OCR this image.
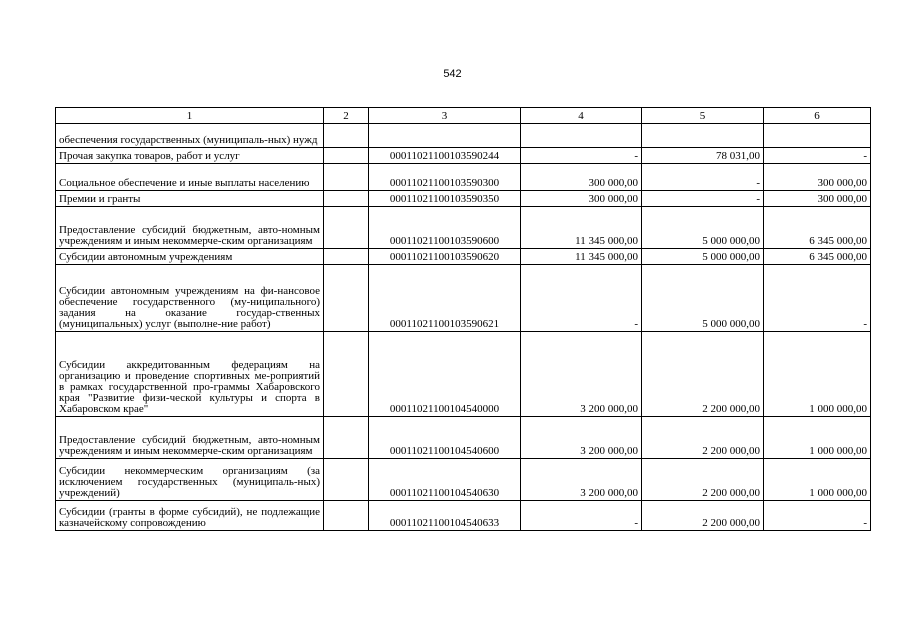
542
1	2	3	4	5	6
обеспечения государственных (муниципаль-ных) нужд					
Прочая закупка товаров, работ и услуг		00011021100103590244	-	78 031,00	-
Социальное обеспечение и иные выплаты населению		00011021100103590300	300 000,00	-	300 000,00
Премии и гранты		00011021100103590350	300 000,00	-	300 000,00
Предоставление субсидий бюджетным, авто-номным учреждениям и иным некоммерче-ским организациям		00011021100103590600	11 345 000,00	5 000 000,00	6 345 000,00
Субсидии автономным учреждениям		00011021100103590620	11 345 000,00	5 000 000,00	6 345 000,00
Субсидии автономным учреждениям на фи-нансовое обеспечение государственного (му-ниципального) задания на оказание государ-ственных (муниципальных) услуг (выполне-ние работ)		00011021100103590621	-	5 000 000,00	-
Субсидии аккредитованным федерациям на организацию и проведение спортивных ме-роприятий в рамках государственной про-граммы Хабаровского края "Развитие физи-ческой культуры и спорта в Хабаровском крае"		00011021100104540000	3 200 000,00	2 200 000,00	1 000 000,00
Предоставление субсидий бюджетным, авто-номным учреждениям и иным некоммерче-ским организациям		00011021100104540600	3 200 000,00	2 200 000,00	1 000 000,00
Субсидии некоммерческим организациям (за исключением государственных (муниципаль-ных) учреждений)		00011021100104540630	3 200 000,00	2 200 000,00	1 000 000,00
Субсидии (гранты в форме субсидий), не подлежащие казначейскому сопровождению		00011021100104540633	-	2 200 000,00	-
